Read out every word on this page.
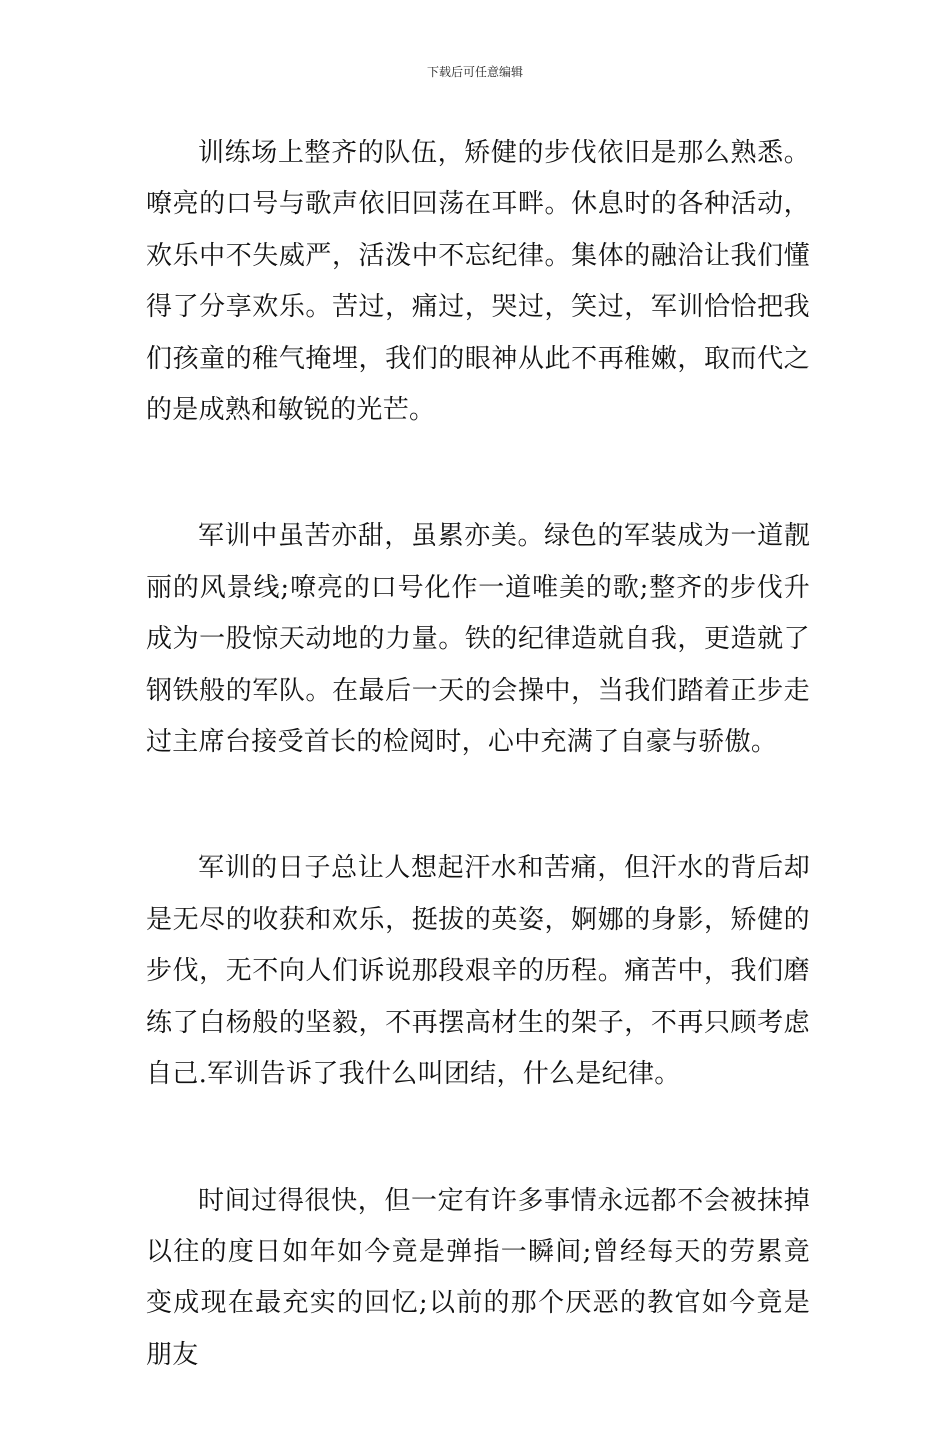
下载后可任意编辑

训练场上整齐的队伍，矫健的步伐依旧是那么熟悉。嘹亮的口号与歌声依旧回荡在耳畔。休息时的各种活动，欢乐中不失威严，活泼中不忘纪律。集体的融洽让我们懂得了分享欢乐。苦过，痛过，哭过，笑过，军训恰恰把我们孩童的稚气掩埋，我们的眼神从此不再稚嫩，取而代之的是成熟和敏锐的光芒。

军训中虽苦亦甜，虽累亦美。绿色的军装成为一道靓丽的风景线;嘹亮的口号化作一道唯美的歌;整齐的步伐升成为一股惊天动地的力量。铁的纪律造就自我，更造就了钢铁般的军队。在最后一天的会操中，当我们踏着正步走过主席台接受首长的检阅时，心中充满了自豪与骄傲。

军训的日子总让人想起汗水和苦痛，但汗水的背后却是无尽的收获和欢乐，挺拔的英姿，婀娜的身影，矫健的步伐，无不向人们诉说那段艰辛的历程。痛苦中，我们磨练了白杨般的坚毅，不再摆高材生的架子，不再只顾考虑自己.军训告诉了我什么叫团结，什么是纪律。

时间过得很快，但一定有许多事情永远都不会被抹掉以往的度日如年如今竟是弹指一瞬间;曾经每天的劳累竟变成现在最充实的回忆;以前的那个厌恶的教官如今竟是朋友
